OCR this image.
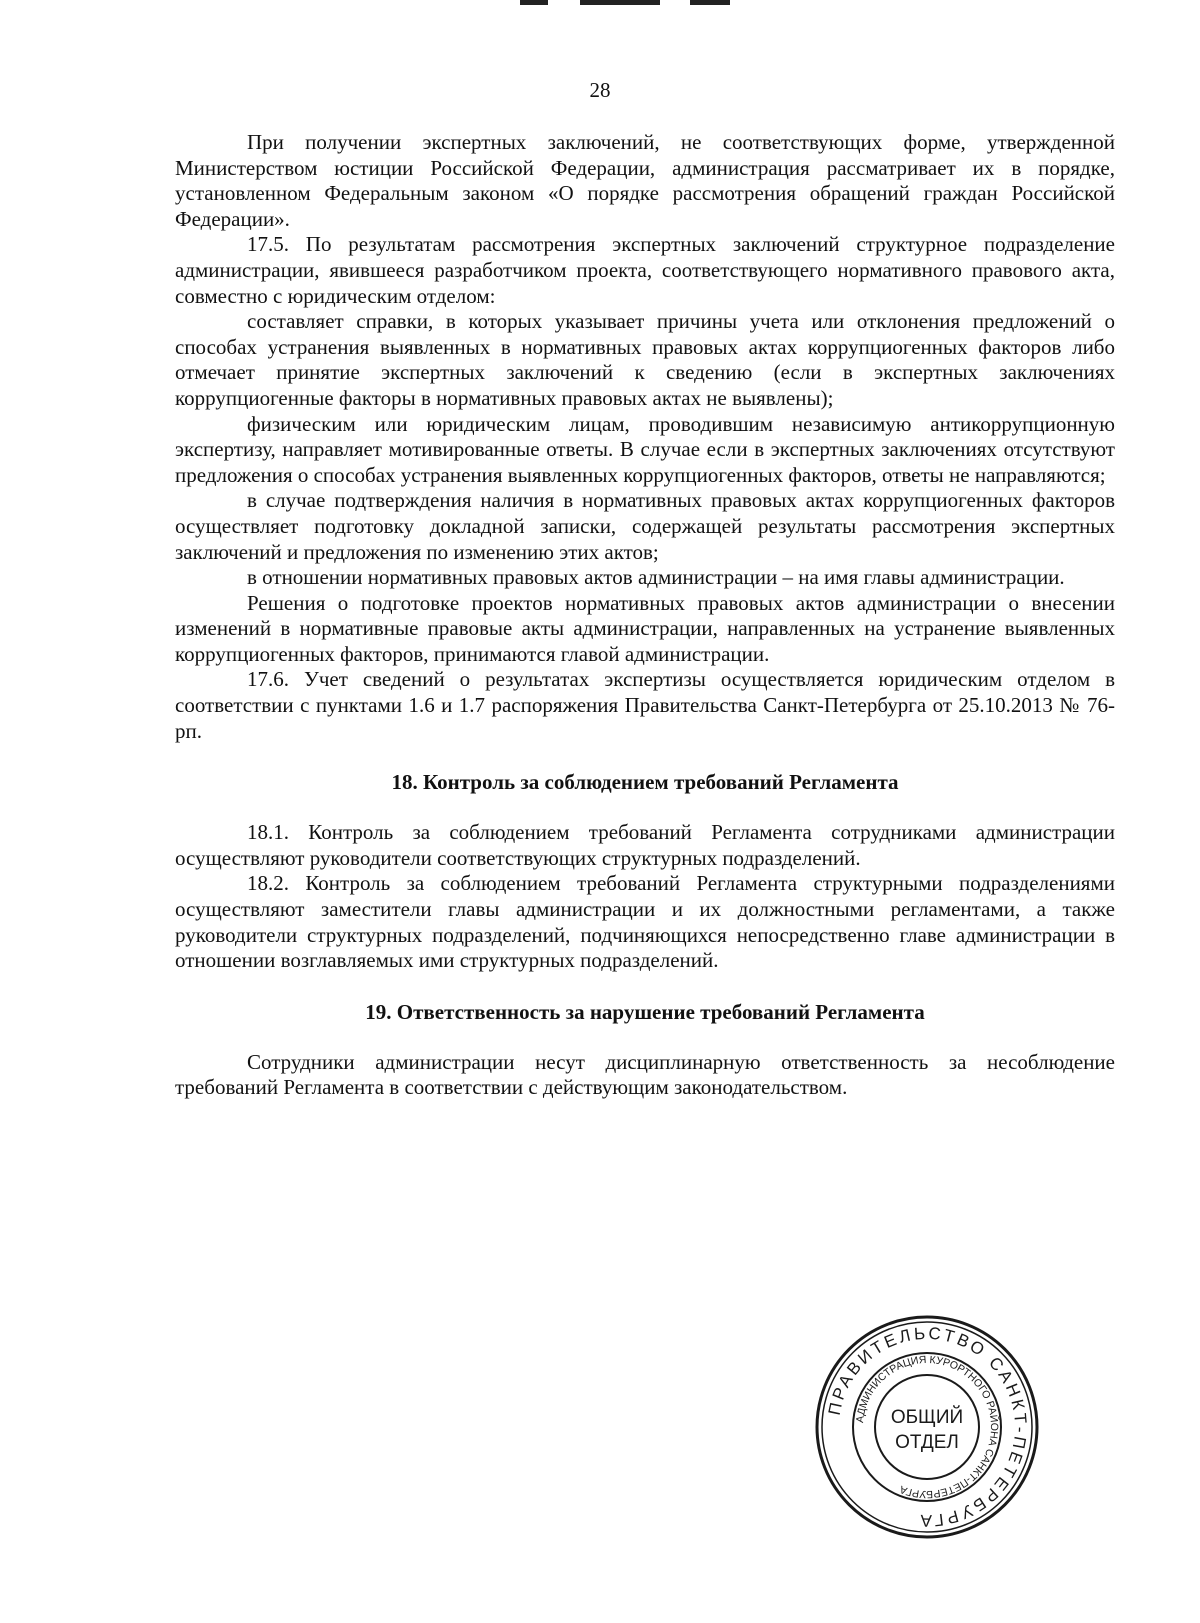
28

При получении экспертных заключений, не соответствующих форме, утвержденной Министерством юстиции Российской Федерации, администрация рассматривает их в порядке, установленном Федеральным законом «О порядке рассмотрения обращений граждан Российской Федерации».

17.5. По результатам рассмотрения экспертных заключений структурное подразделение администрации, явившееся разработчиком проекта, соответствующего нормативного правового акта, совместно с юридическим отделом:

составляет справки, в которых указывает причины учета или отклонения предложений о способах устранения выявленных в нормативных правовых актах коррупциогенных факторов либо отмечает принятие экспертных заключений к сведению (если в экспертных заключениях коррупциогенные факторы в нормативных правовых актах не выявлены);

физическим или юридическим лицам, проводившим независимую антикоррупционную экспертизу, направляет мотивированные ответы. В случае если в экспертных заключениях отсутствуют предложения о способах устранения выявленных коррупциогенных факторов, ответы не направляются;

в случае подтверждения наличия в нормативных правовых актах коррупциогенных факторов осуществляет подготовку докладной записки, содержащей результаты рассмотрения экспертных заключений и предложения по изменению этих актов;

в отношении нормативных правовых актов администрации – на имя главы администрации.

Решения о подготовке проектов нормативных правовых актов администрации о внесении изменений в нормативные правовые акты администрации, направленных на устранение выявленных коррупциогенных факторов, принимаются главой администрации.

17.6. Учет сведений о результатах экспертизы осуществляется юридическим отделом в соответствии с пунктами 1.6 и 1.7 распоряжения Правительства Санкт-Петербурга от 25.10.2013 № 76-рп.

18. Контроль за соблюдением требований Регламента

18.1. Контроль за соблюдением требований Регламента сотрудниками администрации осуществляют руководители соответствующих структурных подразделений.

18.2. Контроль за соблюдением требований Регламента структурными подразделениями осуществляют заместители главы администрации и их должностными регламентами, а также руководители структурных подразделений, подчиняющихся непосредственно главе администрации в отношении возглавляемых ими структурных подразделений.

19. Ответственность за нарушение требований Регламента

Сотрудники администрации несут дисциплинарную ответственность за несоблюдение требований Регламента в соответствии с действующим законодательством.

ПРАВИТЕЛЬСТВО САНКТ-ПЕТЕРБУРГА
АДМИНИСТРАЦИЯ КУРОРТНОГО РАЙОНА САНКТ-ПЕТЕРБУРГА
ОБЩИЙ
ОТДЕЛ
